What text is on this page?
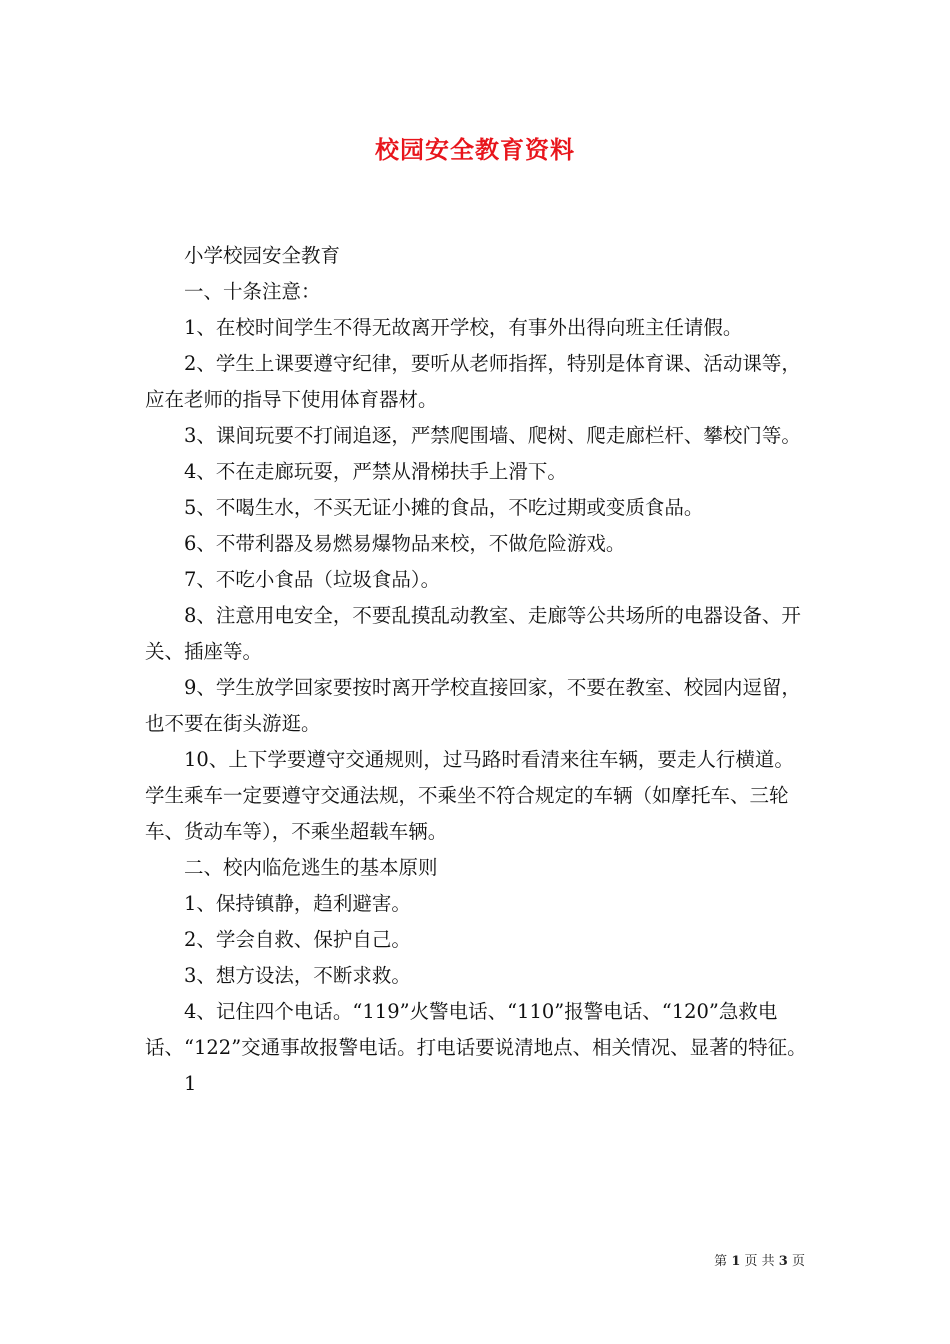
校园安全教育资料

小学校园安全教育

一、十条注意：

1、在校时间学生不得无故离开学校，有事外出得向班主任请假。

2、学生上课要遵守纪律，要听从老师指挥，特别是体育课、活动课等，应在老师的指导下使用体育器材。

3、课间玩要不打闹追逐，严禁爬围墙、爬树、爬走廊栏杆、攀校门等。

4、不在走廊玩耍，严禁从滑梯扶手上滑下。

5、不喝生水，不买无证小摊的食品，不吃过期或变质食品。

6、不带利器及易燃易爆物品来校，不做危险游戏。

7、不吃小食品（垃圾食品）。

8、注意用电安全，不要乱摸乱动教室、走廊等公共场所的电器设备、开关、插座等。

9、学生放学回家要按时离开学校直接回家，不要在教室、校园内逗留，也不要在街头游逛。

10、上下学要遵守交通规则，过马路时看清来往车辆，要走人行横道。学生乘车一定要遵守交通法规，不乘坐不符合规定的车辆（如摩托车、三轮车、货动车等），不乘坐超载车辆。

二、校内临危逃生的基本原则

1、保持镇静，趋利避害。

2、学会自救、保护自己。

3、想方设法，不断求救。

4、记住四个电话。“119”火警电话、“110”报警电话、“120”急救电话、“122”交通事故报警电话。打电话要说清地点、相关情况、显著的特征。

1

第 1 页 共 3 页
